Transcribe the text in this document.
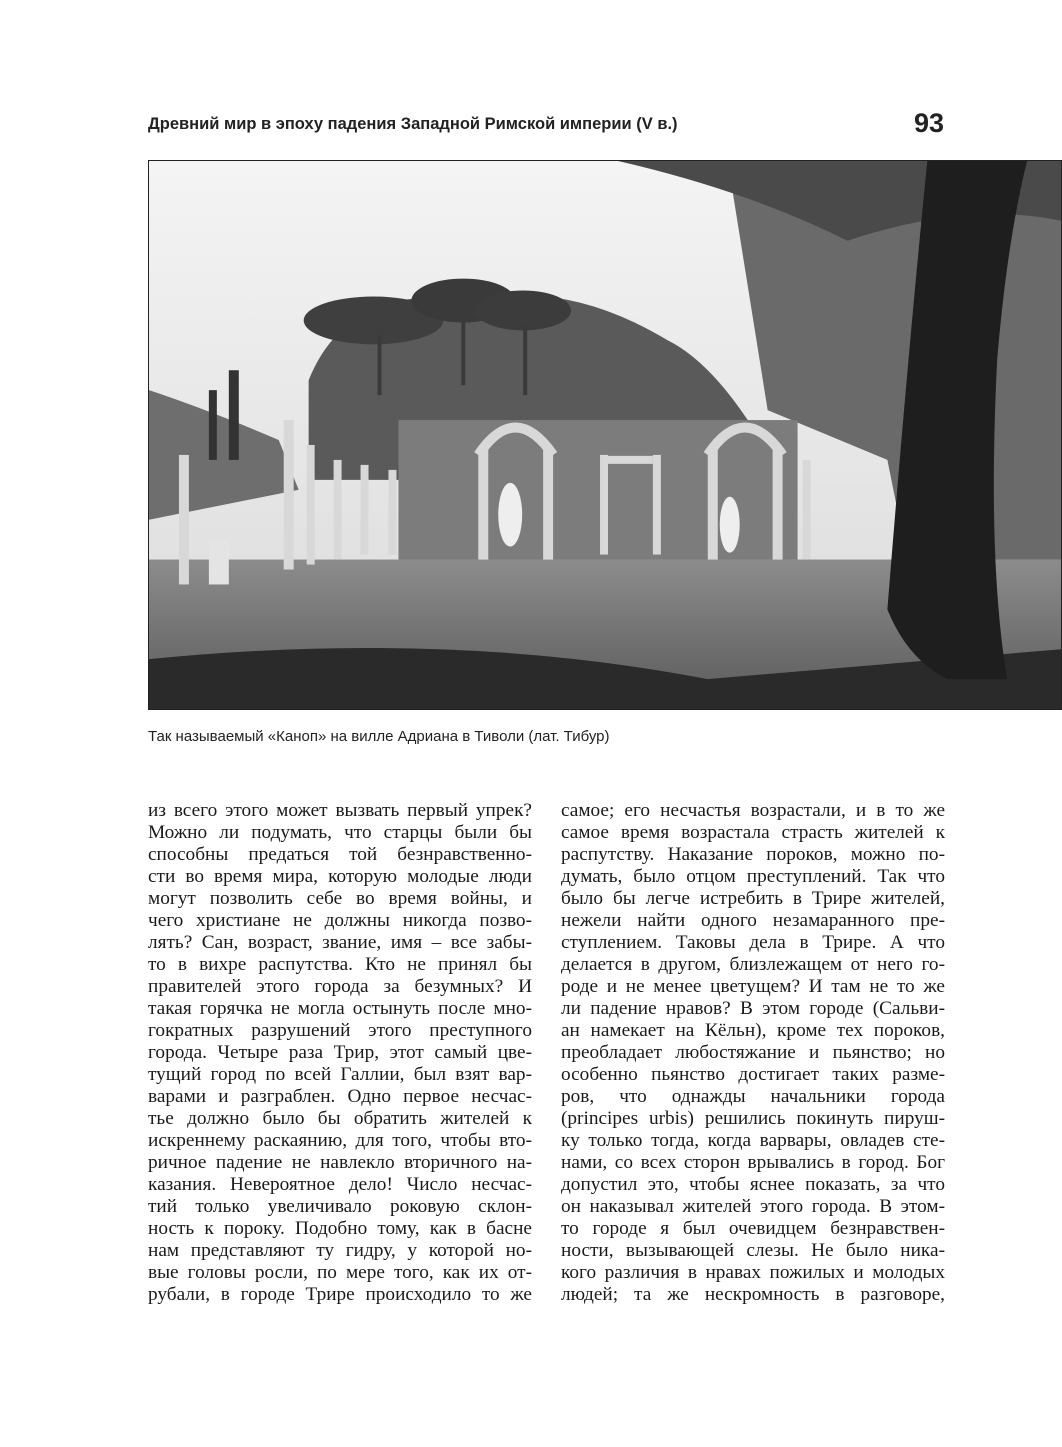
Древний мир в эпоху падения Западной Римской империи (V в.)	93
Так называемый «Каноп» на вилле Адриана в Тиволи (лат. Тибур)
из всего этого может вызвать первый упрек?
Можно ли подумать, что старцы были бы
способны предаться той безнравственно-
сти во время мира, которую молодые люди
могут позволить себе во время войны, и
чего христиане не должны никогда позво-
лять? Сан, возраст, звание, имя – все забы-
то в вихре распутства. Кто не принял бы
правителей этого города за безумных? И
такая горячка не могла остынуть после мно-
гократных разрушений этого преступного
города. Четыре раза Трир, этот самый цве-
тущий город по всей Галлии, был взят вар-
варами и разграблен. Одно первое несчас-
тье должно было бы обратить жителей к
искреннему раскаянию, для того, чтобы вто-
ричное падение не навлекло вторичного на-
казания. Невероятное дело! Число несчас-
тий только увеличивало роковую склон-
ность к пороку. Подобно тому, как в басне
нам представляют ту гидру, у которой но-
вые головы росли, по мере того, как их от-
рубали, в городе Трире происходило то же
самое; его несчастья возрастали, и в то же
самое время возрастала страсть жителей к
распутству. Наказание пороков, можно по-
думать, было отцом преступлений. Так что
было бы легче истребить в Трире жителей,
нежели найти одного незамаранного пре-
ступлением. Таковы дела в Трире. А что
делается в другом, близлежащем от него го-
роде и не менее цветущем? И там не то же
ли падение нравов? В этом городе (Сальви-
ан намекает на Кёльн), кроме тех пороков,
преобладает любостяжание и пьянство; но
особенно пьянство достигает таких разме-
ров, что однажды начальники города
(principes urbis) решились покинуть пируш-
ку только тогда, когда варвары, овладев сте-
нами, со всех сторон врывались в город. Бог
допустил это, чтобы яснее показать, за что
он наказывал жителей этого города. В этом-
то городе я был очевидцем безнравствен-
ности, вызывающей слезы. Не было ника-
кого различия в нравах пожилых и молодых
людей; та же нескромность в разговоре,
